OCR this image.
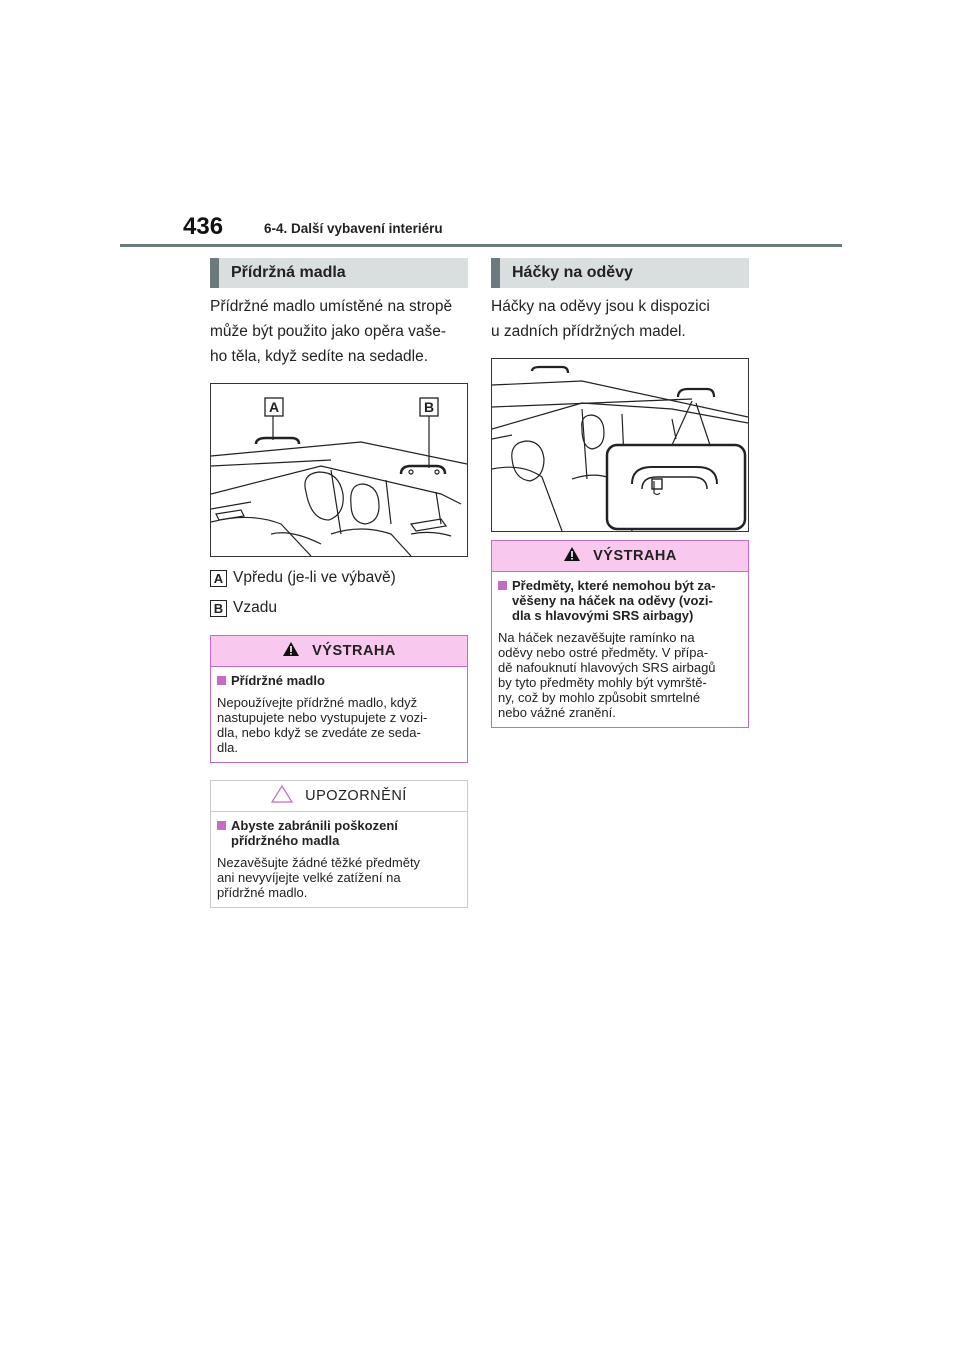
436	6-4. Další vybavení interiéru
Přídržná madla
Přídržné madlo umístěné na stropě
může být použito jako opěra vaše-
ho těla, když sedíte na sedadle.
A	B
A Vpředu (je-li ve výbavě)
B Vzadu
VÝSTRAHA
Přídržné madlo
Nepoužívejte přídržné madlo, když
nastupujete nebo vystupujete z vozi-
dla, nebo když se zvedáte ze seda-
dla.
UPOZORNĚNÍ
Abyste zabránili poškození
přídržného madla
Nezavěšujte žádné těžké předměty
ani nevyvíjejte velké zatížení na
přídržné madlo.
Háčky na oděvy
Háčky na oděvy jsou k dispozici
u zadních přídržných madel.
VÝSTRAHA
Předměty, které nemohou být za-
věšeny na háček na oděvy (vozi-
dla s hlavovými SRS airbagy)
Na háček nezavěšujte ramínko na
oděvy nebo ostré předměty. V přípa-
dě nafouknutí hlavových SRS airbagů
by tyto předměty mohly být vymrště-
ny, což by mohlo způsobit smrtelné
nebo vážné zranění.
